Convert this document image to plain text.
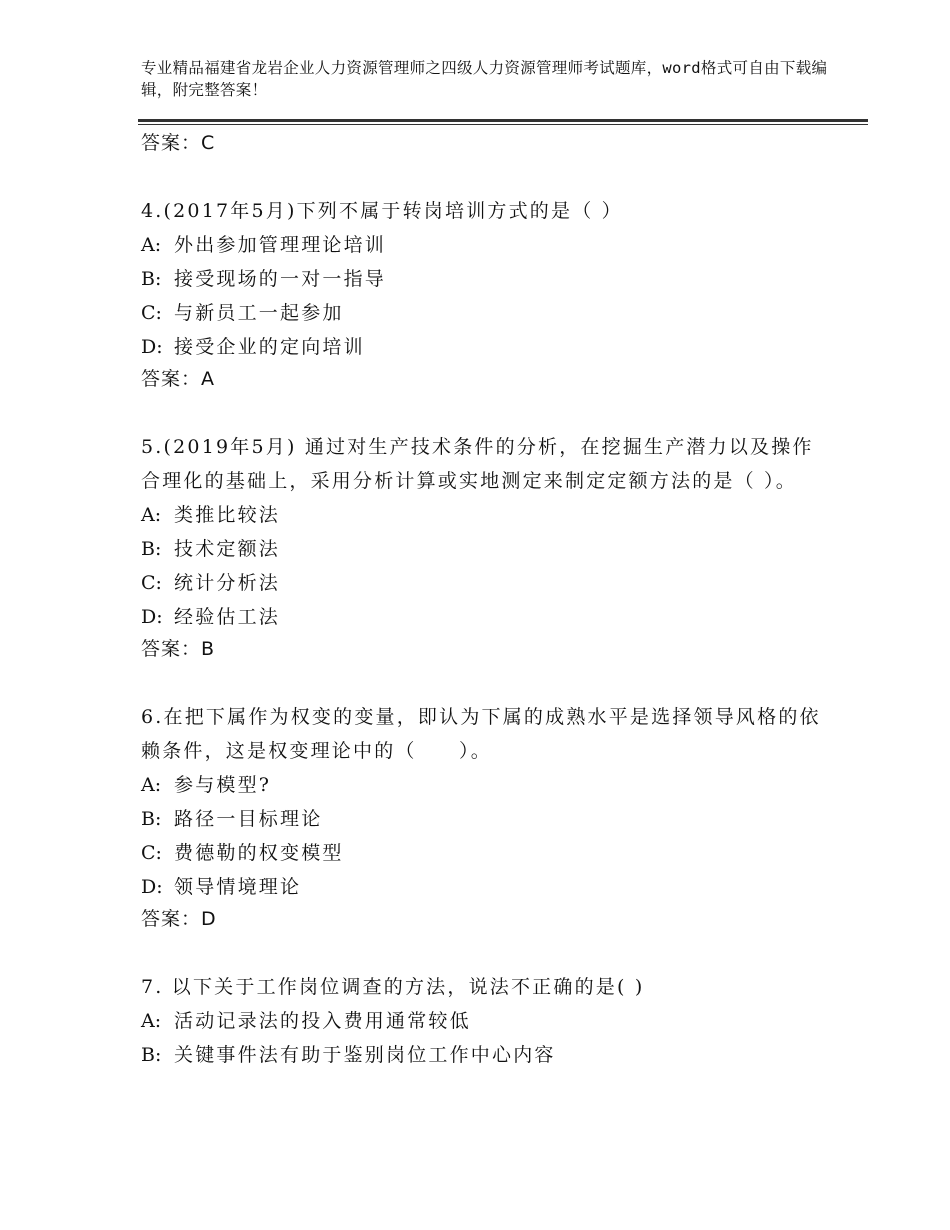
专业精品福建省龙岩企业人力资源管理师之四级人力资源管理师考试题库，word格式可自由下载编辑，附完整答案！

答案：C

4.(2017年5月)下列不属于转岗培训方式的是（ ）

A: 外出参加管理理论培训

B: 接受现场的一对一指导

C: 与新员工一起参加

D: 接受企业的定向培训

答案：A

5.(2019年5月) 通过对生产技术条件的分析，在挖掘生产潜力以及操作合理化的基础上，采用分析计算或实地测定来制定定额方法的是（ ）。

A: 类推比较法

B: 技术定额法

C: 统计分析法

D: 经验估工法

答案：B

6.在把下属作为权变的变量，即认为下属的成熟水平是选择领导风格的依赖条件，这是权变理论中的（　　）。

A: 参与模型?

B: 路径一目标理论

C: 费德勒的权变模型

D: 领导情境理论

答案：D

7. 以下关于工作岗位调查的方法，说法不正确的是( )

A: 活动记录法的投入费用通常较低

B: 关键事件法有助于鉴别岗位工作中心内容
